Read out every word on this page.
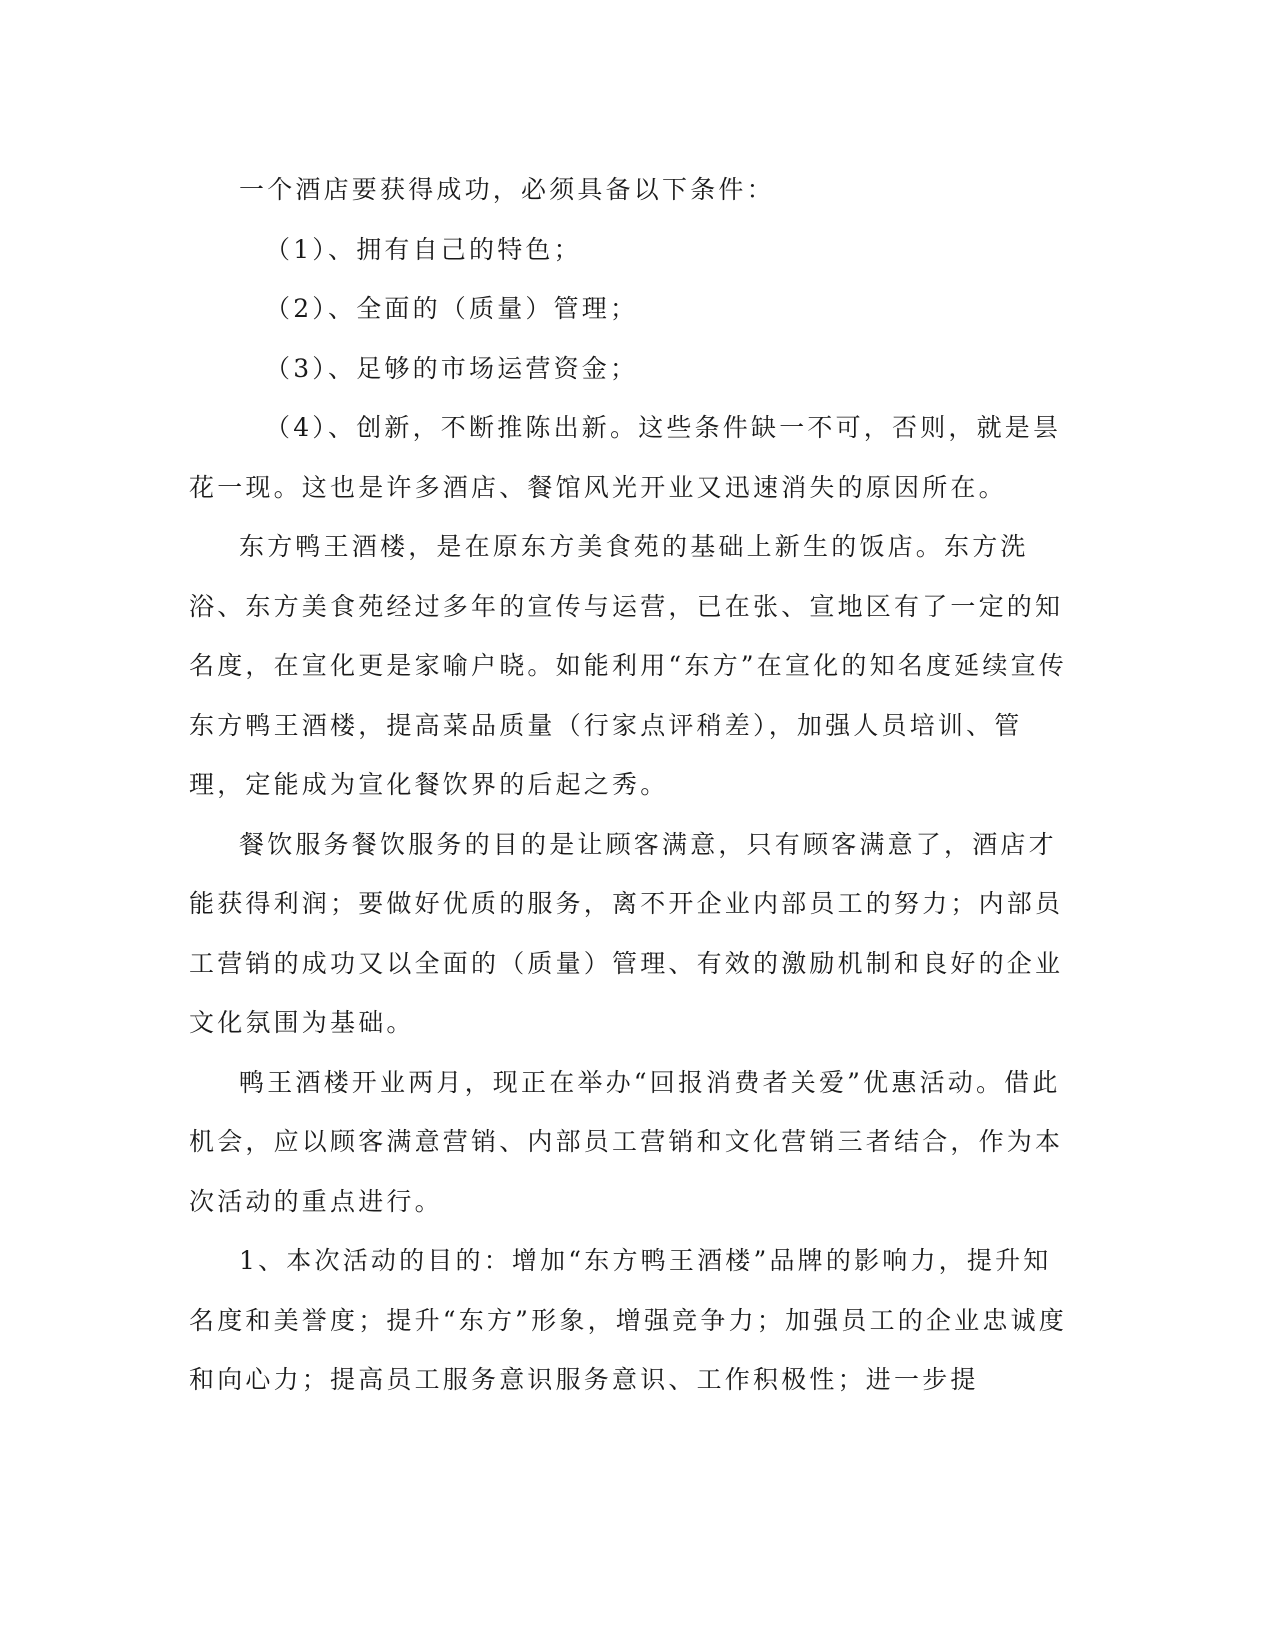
一个酒店要获得成功，必须具备以下条件：

（1）、拥有自己的特色；

（2）、全面的（质量）管理；

（3）、足够的市场运营资金；

（4）、创新，不断推陈出新。这些条件缺一不可，否则，就是昙花一现。这也是许多酒店、餐馆风光开业又迅速消失的原因所在。

东方鸭王酒楼，是在原东方美食苑的基础上新生的饭店。东方洗浴、东方美食苑经过多年的宣传与运营，已在张、宣地区有了一定的知名度，在宣化更是家喻户晓。如能利用“东方”在宣化的知名度延续宣传东方鸭王酒楼，提高菜品质量（行家点评稍差），加强人员培训、管理，定能成为宣化餐饮界的后起之秀。

餐饮服务餐饮服务的目的是让顾客满意，只有顾客满意了，酒店才能获得利润；要做好优质的服务，离不开企业内部员工的努力；内部员工营销的成功又以全面的（质量）管理、有效的激励机制和良好的企业文化氛围为基础。

鸭王酒楼开业两月，现正在举办“回报消费者关爱”优惠活动。借此机会，应以顾客满意营销、内部员工营销和文化营销三者结合，作为本次活动的重点进行。

1、本次活动的目的：增加“东方鸭王酒楼”品牌的影响力，提升知名度和美誉度；提升“东方”形象，增强竞争力；加强员工的企业忠诚度和向心力；提高员工服务意识服务意识、工作积极性；进一步提
